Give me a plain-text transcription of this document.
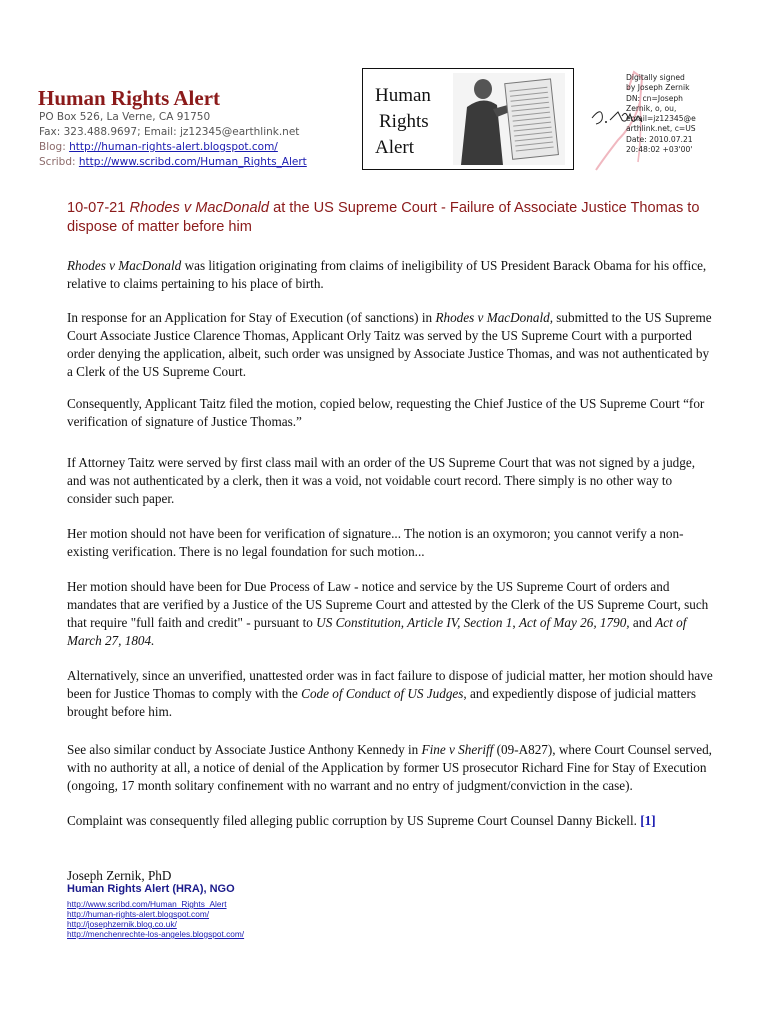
Human Rights Alert
PO Box 526, La Verne, CA 91750
Fax: 323.488.9697; Email: jz12345@earthlink.net
Blog: http://human-rights-alert.blogspot.com/
Scribd: http://www.scribd.com/Human_Rights_Alert
Human
Rights
Alert
Digitally signed
by Joseph Zernik
DN: cn=Joseph
Zernik, o, ou,
email=jz12345@e
arthlink.net, c=US
Date: 2010.07.21
20:48:02 +03'00'
10-07-21 Rhodes v MacDonald at the US Supreme Court - Failure of Associate Justice Thomas to dispose of matter before him

Rhodes v MacDonald was litigation originating from claims of ineligibility of US President Barack Obama for his office, relative to claims pertaining to his place of birth.

In response for an Application for Stay of Execution (of sanctions) in Rhodes v MacDonald, submitted to the US Supreme Court Associate Justice Clarence Thomas, Applicant Orly Taitz was served by the US Supreme Court with a purported order denying the application, albeit, such order was unsigned by Associate Justice Thomas, and was not authenticated by a Clerk of the US Supreme Court.

Consequently, Applicant Taitz filed the motion, copied below, requesting the Chief Justice of the US Supreme Court “for verification of signature of Justice Thomas.”

If Attorney Taitz were served by first class mail with an order of the US Supreme Court that was not signed by a judge, and was not authenticated by a clerk, then it was a void, not voidable court record. There simply is no other way to consider such paper.

Her motion should not have been for verification of signature... The notion is an oxymoron; you cannot verify a non-existing verification. There is no legal foundation for such motion...

Her motion should have been for Due Process of Law - notice and service by the US Supreme Court of orders and mandates that are verified by a Justice of the US Supreme Court and attested by the Clerk of the US Supreme Court, such that require "full faith and credit" - pursuant to US Constitution, Article IV, Section 1, Act of May 26, 1790, and Act of March 27, 1804.

Alternatively, since an unverified, unattested order was in fact failure to dispose of judicial matter, her motion should have been for Justice Thomas to comply with the Code of Conduct of US Judges, and expediently dispose of judicial matters brought before him.

See also similar conduct by Associate Justice Anthony Kennedy in Fine v Sheriff (09-A827), where Court Counsel served, with no authority at all, a notice of denial of the Application by former US prosecutor Richard Fine for Stay of Execution (ongoing, 17 month solitary confinement with no warrant and no entry of judgment/conviction in the case).

Complaint was consequently filed alleging public corruption by US Supreme Court Counsel Danny Bickell. [1]

Joseph Zernik, PhD
Human Rights Alert (HRA), NGO
http://www.scribd.com/Human_Rights_Alert
http://human-rights-alert.blogspot.com/
http://josephzernik.blog.co.uk/
http://menchenrechte-los-angeles.blogspot.com/
